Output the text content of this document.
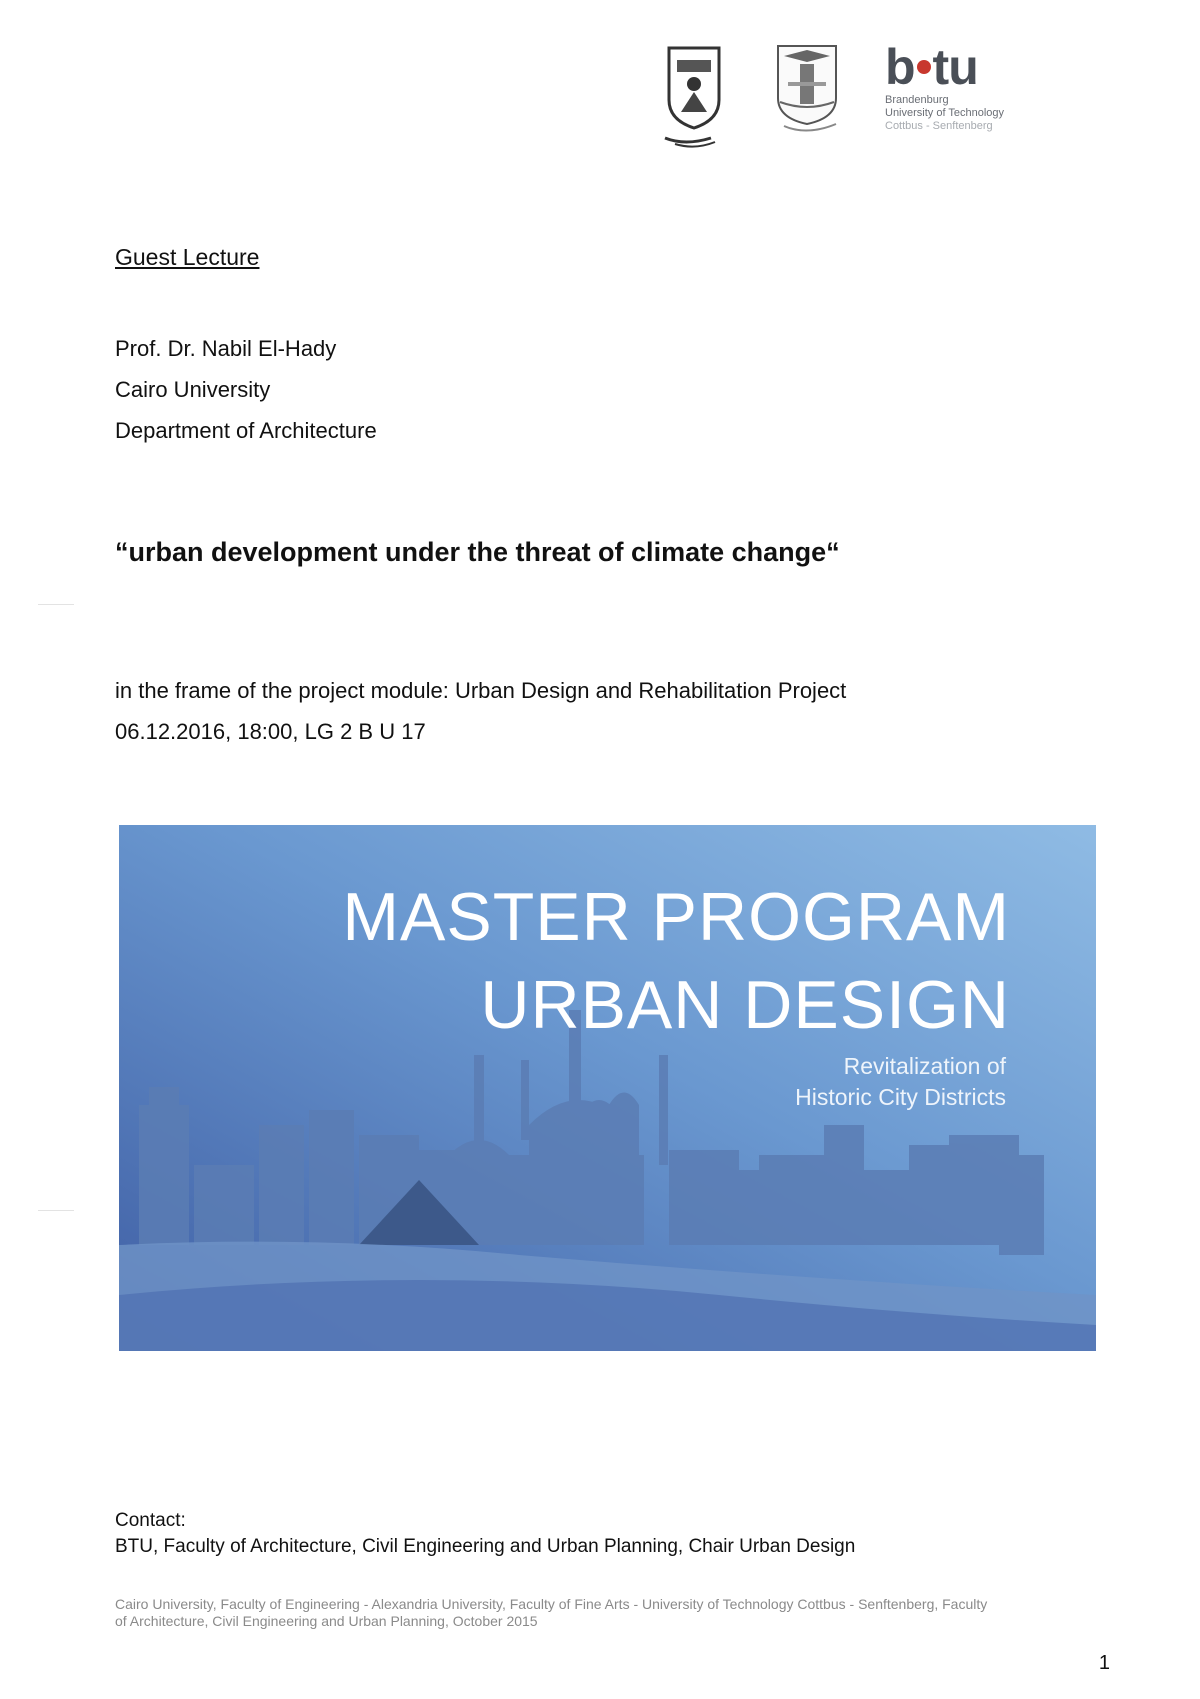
b tu
Brandenburg
University of Technology
Cottbus - Senftenberg
Guest Lecture
Prof. Dr. Nabil El-Hady
Cairo University
Department of Architecture
“urban development under the threat of climate change“
in the frame of the project module: Urban Design and Rehabilitation Project
06.12.2016, 18:00, LG 2 B U 17
MASTER PROGRAM
URBAN DESIGN
Revitalization of
Historic City Districts
Contact:
BTU, Faculty of Architecture, Civil Engineering and Urban Planning, Chair Urban Design
Cairo University, Faculty of Engineering - Alexandria University, Faculty of Fine Arts - University of Technology Cottbus - Senftenberg, Faculty
of Architecture, Civil Engineering and Urban Planning, October 2015
1
